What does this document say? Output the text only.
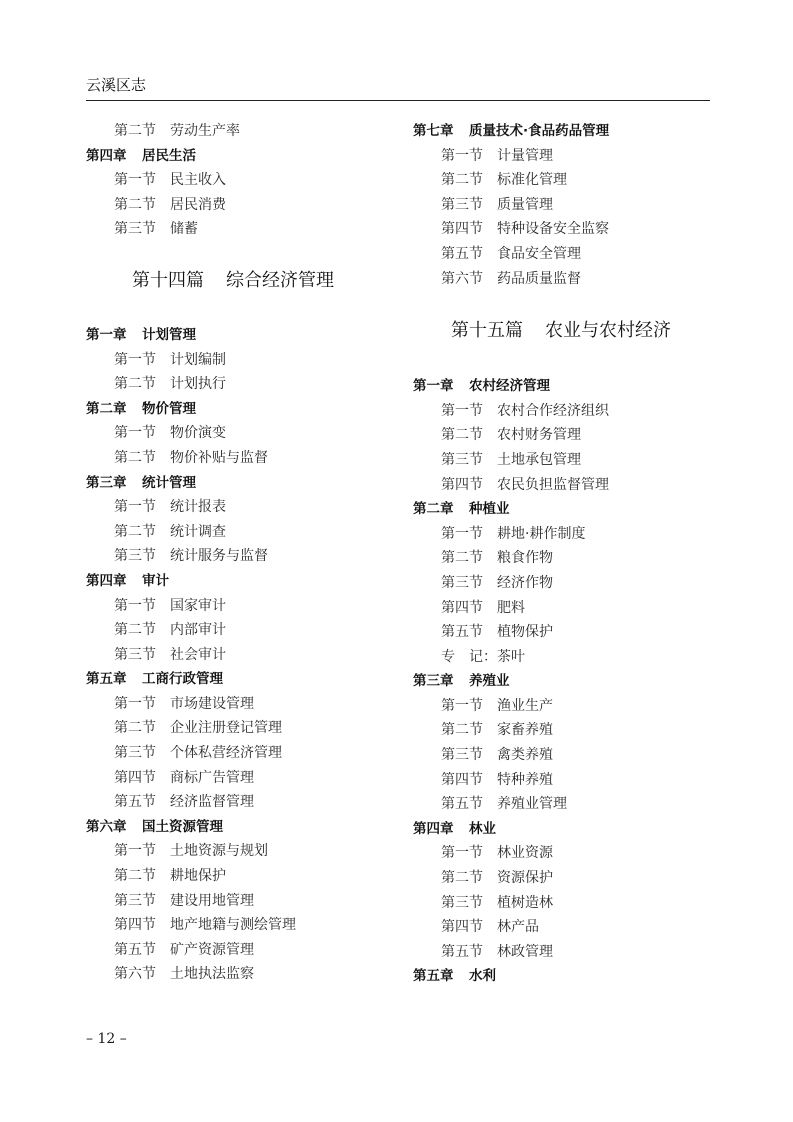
云溪区志
第二节	劳动生产率
第四章	居民生活
第一节	民主收入
第二节	居民消费
第三节	储蓄
第十四篇 综合经济管理
第一章	计划管理
第一节	计划编制
第二节	计划执行
第二章	物价管理
第一节	物价演变
第二节	物价补贴与监督
第三章	统计管理
第一节	统计报表
第二节	统计调查
第三节	统计服务与监督
第四章	审计
第一节	国家审计
第二节	内部审计
第三节	社会审计
第五章	工商行政管理
第一节	市场建设管理
第二节	企业注册登记管理
第三节	个体私营经济管理
第四节	商标广告管理
第五节	经济监督管理
第六章	国土资源管理
第一节	土地资源与规划
第二节	耕地保护
第三节	建设用地管理
第四节	地产地籍与测绘管理
第五节	矿产资源管理
第六节	土地执法监察
第七章	质量技术·食品药品管理
第一节	计量管理
第二节	标准化管理
第三节	质量管理
第四节	特种设备安全监察
第五节	食品安全管理
第六节	药品质量监督
第十五篇 农业与农村经济
第一章	农村经济管理
第一节	农村合作经济组织
第二节	农村财务管理
第三节	土地承包管理
第四节	农民负担监督管理
第二章	种植业
第一节	耕地·耕作制度
第二节	粮食作物
第三节	经济作物
第四节	肥料
第五节	植物保护
专　记： 茶叶
第三章	养殖业
第一节	渔业生产
第二节	家畜养殖
第三节	禽类养殖
第四节	特种养殖
第五节	养殖业管理
第四章	林业
第一节	林业资源
第二节	资源保护
第三节	植树造林
第四节	林产品
第五节	林政管理
第五章	水利
– 12 –
